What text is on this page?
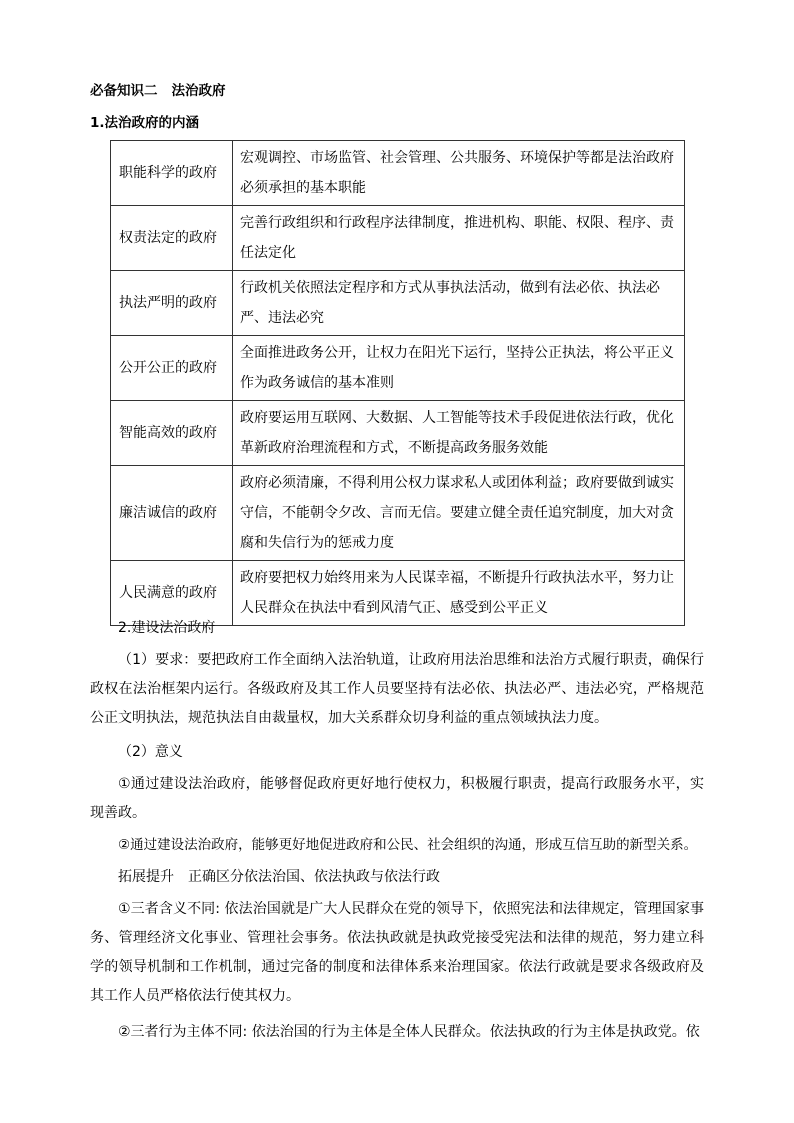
必备知识二 法治政府
1.法治政府的内涵
职能科学的政府	宏观调控、市场监管、社会管理、公共服务、环境保护等都是法治政府必须承担的基本职能
权责法定的政府	完善行政组织和行政程序法律制度，推进机构、职能、权限、程序、责任法定化
执法严明的政府	行政机关依照法定程序和方式从事执法活动，做到有法必依、执法必严、违法必究
公开公正的政府	全面推进政务公开，让权力在阳光下运行，坚持公正执法，将公平正义作为政务诚信的基本准则
智能高效的政府	政府要运用互联网、大数据、人工智能等技术手段促进依法行政，优化革新政府治理流程和方式，不断提高政务服务效能
廉洁诚信的政府	政府必须清廉，不得利用公权力谋求私人或团体利益；政府要做到诚实守信，不能朝令夕改、言而无信。要建立健全责任追究制度，加大对贪腐和失信行为的惩戒力度
人民满意的政府	政府要把权力始终用来为人民谋幸福，不断提升行政执法水平，努力让人民群众在执法中看到风清气正、感受到公平正义
2.建设法治政府
（1）要求：要把政府工作全面纳入法治轨道，让政府用法治思维和法治方式履行职责，确保行政权在法治框架内运行。各级政府及其工作人员要坚持有法必依、执法必严、违法必究，严格规范公正文明执法，规范执法自由裁量权，加大关系群众切身利益的重点领域执法力度。
（2）意义
①通过建设法治政府，能够督促政府更好地行使权力，积极履行职责，提高行政服务水平，实现善政。
②通过建设法治政府，能够更好地促进政府和公民、社会组织的沟通，形成互信互助的新型关系。
拓展提升　正确区分依法治国、依法执政与依法行政
①三者含义不同: 依法治国就是广大人民群众在党的领导下，依照宪法和法律规定，管理国家事务、管理经济文化事业、管理社会事务。依法执政就是执政党接受宪法和法律的规范，努力建立科学的领导机制和工作机制，通过完备的制度和法律体系来治理国家。依法行政就是要求各级政府及其工作人员严格依法行使其权力。
②三者行为主体不同: 依法治国的行为主体是全体人民群众。依法执政的行为主体是执政党。依
